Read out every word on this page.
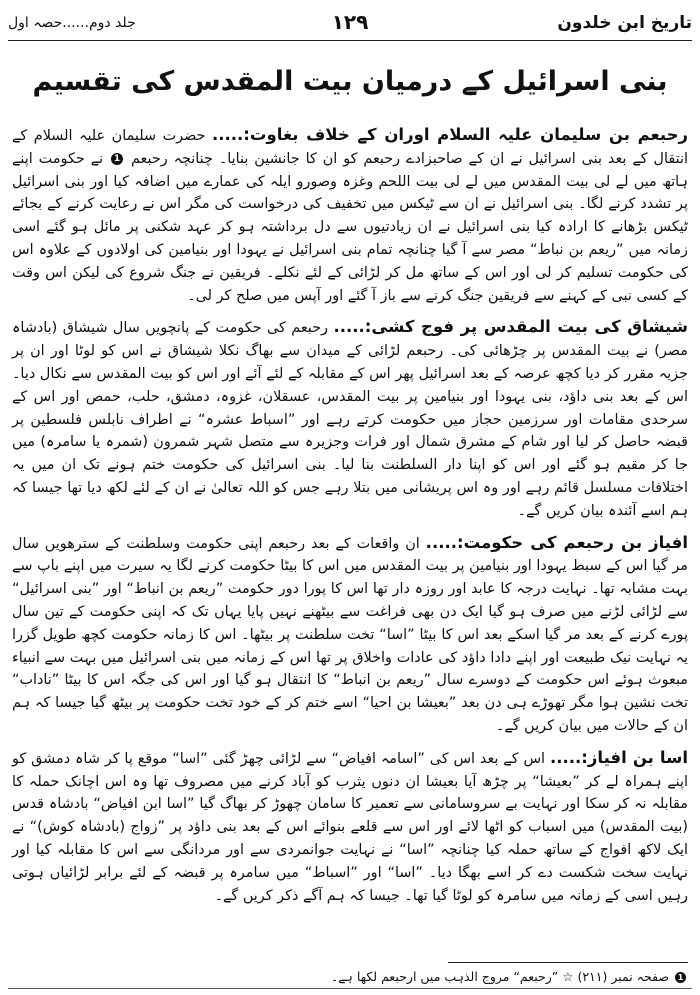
تاریخ ابن خلدون
۱۲۹
جلد دوم......حصہ اول
بنی اسرائیل کے درمیان بیت المقدس کی تقسیم

رحبعم بن سلیمان علیہ السلام اوران کے خلاف بغاوت:..... حضرت سلیمان علیہ السلام کے انتقال کے بعد بنی اسرائیل نے ان کے صاحبزادے رحبعم کو ان کا جانشین بنایا۔ چنانچہ رحبعم 1 نے حکومت اپنے ہاتھ میں لے لی بیت المقدس میں لے لی بیت اللحم وغزہ وصورو ایلہ کی عمارے میں اضافہ کیا اور بنی اسرائیل پر تشدد کرنے لگا۔ بنی اسرائیل نے ان سے ٹیکس میں تخفیف کی درخواست کی مگر اس نے رعایت کرنے کے بجائے ٹیکس بڑھانے کا ارادہ کیا بنی اسرائیل نے ان زیادتیوں سے دل برداشتہ ہو کر عہد شکنی پر مائل ہو گئے اسی زمانہ میں ”ریعم بن نباط“ مصر سے آ گیا چنانچہ تمام بنی اسرائیل نے یہودا اور بنیامین کی اولادوں کے علاوہ اس کی حکومت تسلیم کر لی اور اس کے ساتھ مل کر لڑائی کے لئے نکلے۔ فریقین نے جنگ شروع کی لیکن اس وقت کے کسی نبی کے کہنے سے فریقین جنگ کرنے سے باز آ گئے اور آپس میں صلح کر لی۔

شیشاق کی بیت المقدس پر فوج کشی:..... رحبعم کی حکومت کے پانچویں سال شیشاق (بادشاہ مصر) نے بیت المقدس پر چڑھائی کی۔ رحبعم لڑائی کے میدان سے بھاگ نکلا شیشاق نے اس کو لوٹا اور ان پر جزیہ مقرر کر دیا کچھ عرصہ کے بعد اسرائیل پھر اس کے مقابلہ کے لئے آئے اور اس کو بیت المقدس سے نکال دیا۔ اس کے بعد بنی داؤد، بنی یہودا اور بنیامین پر بیت المقدس، عسقلان، غزوہ، دمشق، حلب، حمص اور اس کے سرحدی مقامات اور سرزمین حجاز میں حکومت کرتے رہے اور ”اسباط عشرہ“ نے اطراف نابلس فلسطین پر قبضہ حاصل کر لیا اور شام کے مشرق شمال اور فرات وجزیرہ سے متصل شہر شمرون (شمرہ یا سامرہ) میں جا کر مقیم ہو گئے اور اس کو اپنا دار السلطنت بنا لیا۔ بنی اسرائیل کی حکومت ختم ہونے تک ان میں یہ اختلافات مسلسل قائم رہے اور وہ اس پریشانی میں بتلا رہے جس کو اللہ تعالیٰ نے ان کے لئے لکھ دیا تھا جیسا کہ ہم اسے آئندہ بیان کریں گے۔

افیاز بن رحبعم کی حکومت:..... ان واقعات کے بعد رحبعم اپنی حکومت وسلطنت کے سترھویں سال مر گیا اس کے سبط یہودا اور بنیامین پر بیت المقدس میں اس کا بیٹا حکومت کرنے لگا یہ سیرت میں اپنے باپ سے بہت مشابہ تھا۔ نہایت درجہ کا عابد اور روزہ دار تھا اس کا پورا دور حکومت ”ریعم بن انباط“ اور ”بنی اسرائیل“ سے لڑائی لڑنے میں صرف ہو گیا ایک دن بھی فراغت سے بیٹھنے نہیں پایا یہاں تک کہ اپنی حکومت کے تین سال پورے کرنے کے بعد مر گیا اسکے بعد اس کا بیٹا ”اسا“ تخت سلطنت پر بیٹھا۔ اس کا زمانہ حکومت کچھ طویل گزرا یہ نہایت نیک طبیعت اور اپنے دادا داؤد کی عادات واخلاق پر تھا اس کے زمانہ میں بنی اسرائیل میں بہت سے انبیاء مبعوث ہوئے اس حکومت کے دوسرے سال ”ریعم بن انباط“ کا انتقال ہو گیا اور اس کی جگہ اس کا بیٹا ”ناداب“ تخت نشین ہوا مگر تھوڑے ہی دن بعد ”بعیشا بن احیا“ اسے ختم کر کے خود تخت حکومت پر بیٹھ گیا جیسا کہ ہم ان کے حالات میں بیان کریں گے۔

اسا بن افیاز:..... اس کے بعد اس کی ”اسامہ افیاض“ سے لڑائی چھڑ گئی ”اسا“ موقع پا کر شاہ دمشق کو اپنے ہمراہ لے کر ”بعیشا“ پر چڑھ آیا بعیشا ان دنوں یثرب کو آباد کرنے میں مصروف تھا وہ اس اچانک حملہ کا مقابلہ نہ کر سکا اور نہایت بے سروسامانی سے تعمیر کا سامان چھوڑ کر بھاگ گیا ”اسا ابن افیاض“ بادشاہ قدس (بیت المقدس) میں اسباب کو اٹھا لائے اور اس سے قلعے بنوائے اس کے بعد بنی داؤد پر ”زواج (بادشاہ کوش)“ نے ایک لاکھ افواج کے ساتھ حملہ کیا چنانچہ ”اسا“ نے نہایت جوانمردی سے اور مردانگی سے اس کا مقابلہ کیا اور نہایت سخت شکست دے کر اسے بھگا دیا۔ ”اسا“ اور ”اسباط“ میں سامرہ پر قبضہ کے لئے برابر لڑائیاں ہوتی رہیں اسی کے زمانہ میں سامرہ کو لوٹا گیا تھا۔ جیسا کہ ہم آگے ذکر کریں گے۔

1 صفحہ نمبر (۲۱۱) ☆ ”رحبعم“ مروج الذہب میں ارحبعم لکھا ہے۔
